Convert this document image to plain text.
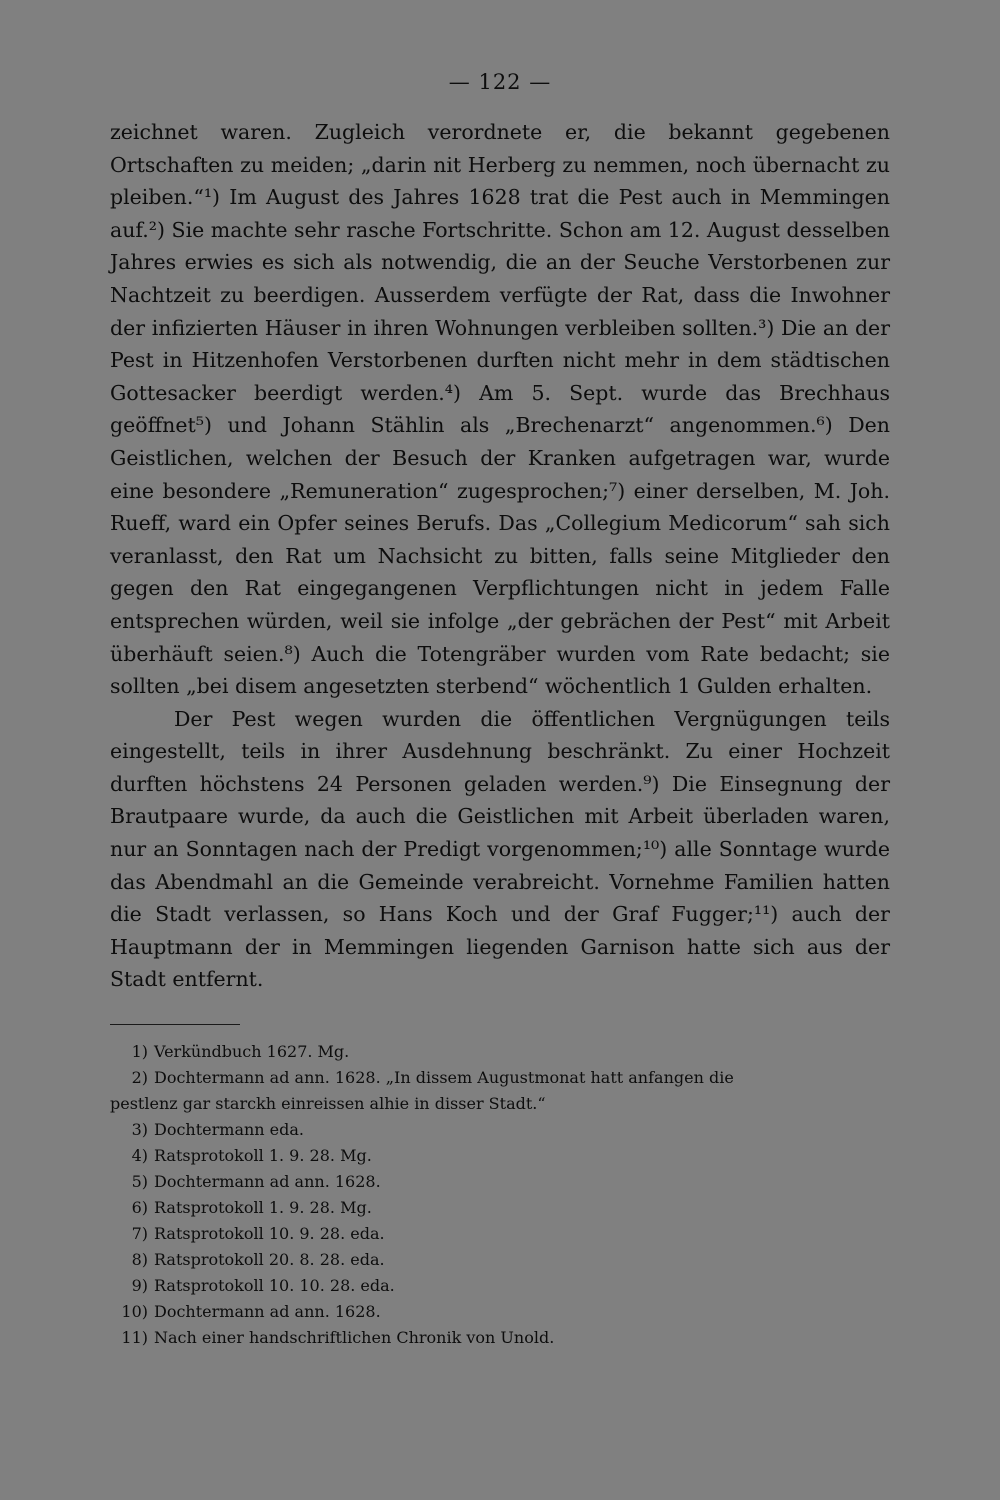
— 122 —

zeichnet waren. Zugleich verordnete er, die bekannt gegebenen Ortschaften zu meiden; „darin nit Herberg zu nemmen, noch übernacht zu pleiben.“¹) Im August des Jahres 1628 trat die Pest auch in Memmingen auf.²) Sie machte sehr rasche Fortschritte. Schon am 12. August desselben Jahres erwies es sich als notwendig, die an der Seuche Verstorbenen zur Nachtzeit zu beerdigen. Ausserdem verfügte der Rat, dass die Inwohner der infizierten Häuser in ihren Wohnungen verbleiben sollten.³) Die an der Pest in Hitzenhofen Verstorbenen durften nicht mehr in dem städtischen Gottesacker beerdigt werden.⁴) Am 5. Sept. wurde das Brechhaus geöffnet⁵) und Johann Stählin als „Brechenarzt“ angenommen.⁶) Den Geistlichen, welchen der Besuch der Kranken aufgetragen war, wurde eine besondere „Remuneration“ zugesprochen;⁷) einer derselben, M. Joh. Rueff, ward ein Opfer seines Berufs. Das „Collegium Medicorum“ sah sich veranlasst, den Rat um Nachsicht zu bitten, falls seine Mitglieder den gegen den Rat eingegangenen Verpflichtungen nicht in jedem Falle entsprechen würden, weil sie infolge „der gebrächen der Pest“ mit Arbeit überhäuft seien.⁸) Auch die Totengräber wurden vom Rate bedacht; sie sollten „bei disem angesetzten sterbend“ wöchentlich 1 Gulden erhalten.

Der Pest wegen wurden die öffentlichen Vergnügungen teils eingestellt, teils in ihrer Ausdehnung beschränkt. Zu einer Hochzeit durften höchstens 24 Personen geladen werden.⁹) Die Einsegnung der Brautpaare wurde, da auch die Geistlichen mit Arbeit überladen waren, nur an Sonntagen nach der Predigt vorgenommen;¹⁰) alle Sonntage wurde das Abendmahl an die Gemeinde verabreicht. Vornehme Familien hatten die Stadt verlassen, so Hans Koch und der Graf Fugger;¹¹) auch der Hauptmann der in Memmingen liegenden Garnison hatte sich aus der Stadt entfernt.

1) Verkündbuch 1627. Mg.

2) Dochtermann ad ann. 1628. „In dissem Augustmonat hatt anfangen die

pestlenz gar starckh einreissen alhie in disser Stadt.“

3) Dochtermann eda.

4) Ratsprotokoll 1. 9. 28. Mg.

5) Dochtermann ad ann. 1628.

6) Ratsprotokoll 1. 9. 28. Mg.

7) Ratsprotokoll 10. 9. 28. eda.

8) Ratsprotokoll 20. 8. 28. eda.

9) Ratsprotokoll 10. 10. 28. eda.

10) Dochtermann ad ann. 1628.

11) Nach einer handschriftlichen Chronik von Unold.
